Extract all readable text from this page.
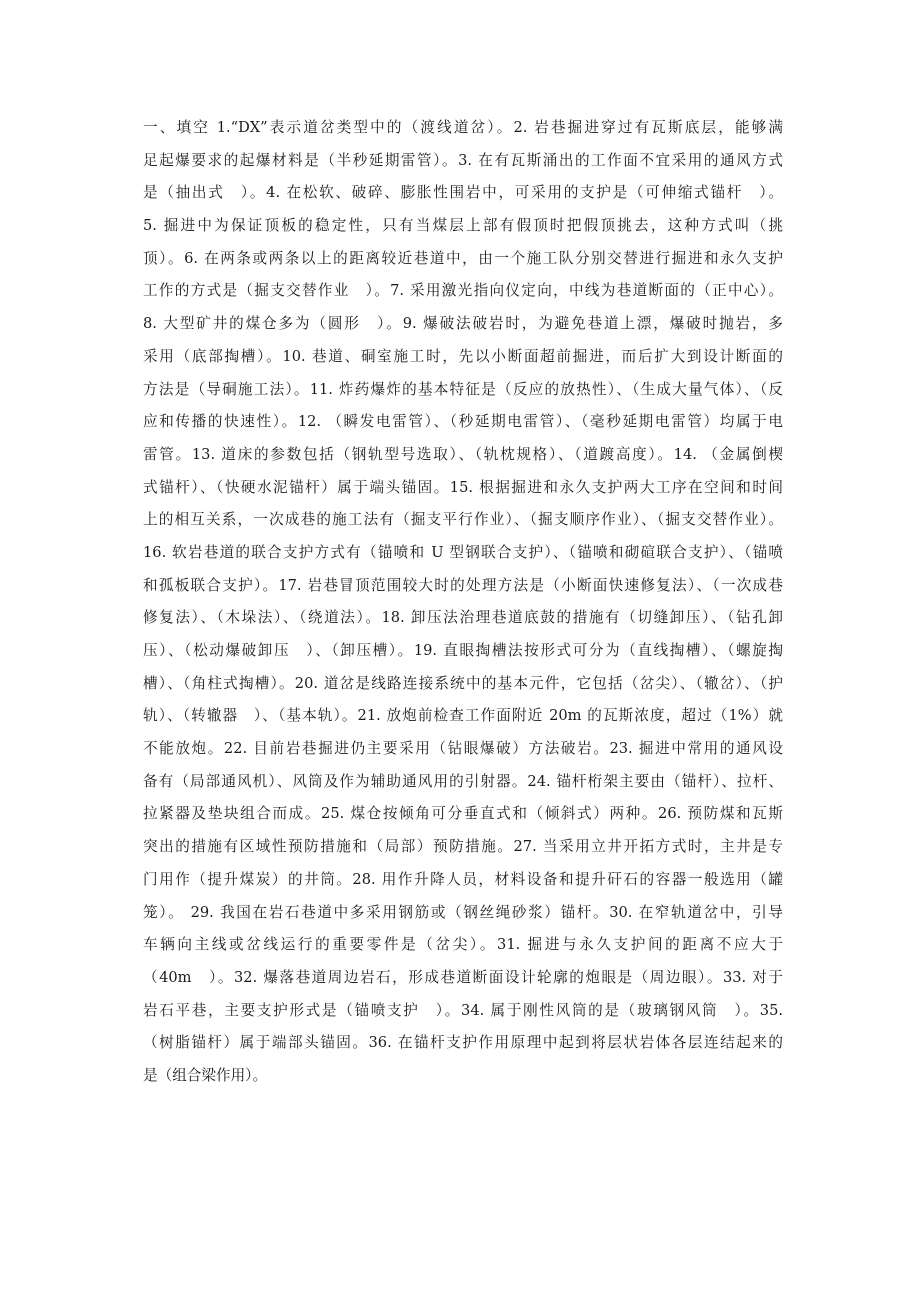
一、填空 1.“DX”表示道岔类型中的（渡线道岔）。2. 岩巷掘进穿过有瓦斯底层，能够满
足起爆要求的起爆材料是（半秒延期雷管）。3. 在有瓦斯涌出的工作面不宜采用的通风方式
是（抽出式　）。4. 在松软、破碎、膨胀性围岩中，可采用的支护是（可伸缩式锚杆　）。
5. 掘进中为保证顶板的稳定性，只有当煤层上部有假顶时把假顶挑去，这种方式叫（挑
顶）。6. 在两条或两条以上的距离较近巷道中，由一个施工队分别交替进行掘进和永久支护
工作的方式是（掘支交替作业　）。7. 采用激光指向仪定向，中线为巷道断面的（正中心）。
8. 大型矿井的煤仓多为（圆形　）。9. 爆破法破岩时，为避免巷道上漂，爆破时抛岩，多
采用（底部掏槽）。10. 巷道、硐室施工时，先以小断面超前掘进，而后扩大到设计断面的
方法是（导硐施工法）。11. 炸药爆炸的基本特征是（反应的放热性）、（生成大量气体）、（反
应和传播的快速性）。12. （瞬发电雷管）、（秒延期电雷管）、（毫秒延期电雷管）均属于电
雷管。13. 道床的参数包括（钢轨型号选取）、（轨枕规格）、（道踱高度）。14. （金属倒楔
式锚杆）、（快硬水泥锚杆）属于端头锚固。15. 根据掘进和永久支护两大工序在空间和时间
上的相互关系，一次成巷的施工法有（掘支平行作业）、（掘支顺序作业）、（掘支交替作业）。
16. 软岩巷道的联合支护方式有（锚喷和 U 型钢联合支护）、（锚喷和砌碹联合支护）、（锚喷
和孤板联合支护）。17. 岩巷冒顶范围较大时的处理方法是（小断面快速修复法）、（一次成巷
修复法）、（木垛法）、（绕道法）。18. 卸压法治理巷道底鼓的措施有（切缝卸压）、（钻孔卸
压）、（松动爆破卸压　）、（卸压槽）。19. 直眼掏槽法按形式可分为（直线掏槽）、（螺旋掏
槽）、（角柱式掏槽）。20. 道岔是线路连接系统中的基本元件，它包括（岔尖）、（辙岔）、（护
轨）、（转辙器　）、（基本轨）。21. 放炮前检查工作面附近 20m 的瓦斯浓度，超过（1%）就
不能放炮。22. 目前岩巷掘进仍主要采用（钻眼爆破）方法破岩。23. 掘进中常用的通风设
备有（局部通风机）、风筒及作为辅助通风用的引射器。24. 锚杆桁架主要由（锚杆）、拉杆、
拉紧器及垫块组合而成。25. 煤仓按倾角可分垂直式和（倾斜式）两种。26. 预防煤和瓦斯
突出的措施有区域性预防措施和（局部）预防措施。27. 当采用立井开拓方式时，主井是专
门用作（提升煤炭）的井筒。28. 用作升降人员，材料设备和提升矸石的容器一般选用（罐
笼）。 29. 我国在岩石巷道中多采用钢筋或（钢丝绳砂浆）锚杆。30. 在窄轨道岔中，引导
车辆向主线或岔线运行的重要零件是（岔尖）。31. 掘进与永久支护间的距离不应大于
（40m　）。32. 爆落巷道周边岩石，形成巷道断面设计轮廓的炮眼是（周边眼）。33. 对于
岩石平巷，主要支护形式是（锚喷支护　）。34. 属于刚性风筒的是（玻璃钢风筒　）。35.
（树脂锚杆）属于端部头锚固。36. 在锚杆支护作用原理中起到将层状岩体各层连结起来的
是（组合梁作用）。
